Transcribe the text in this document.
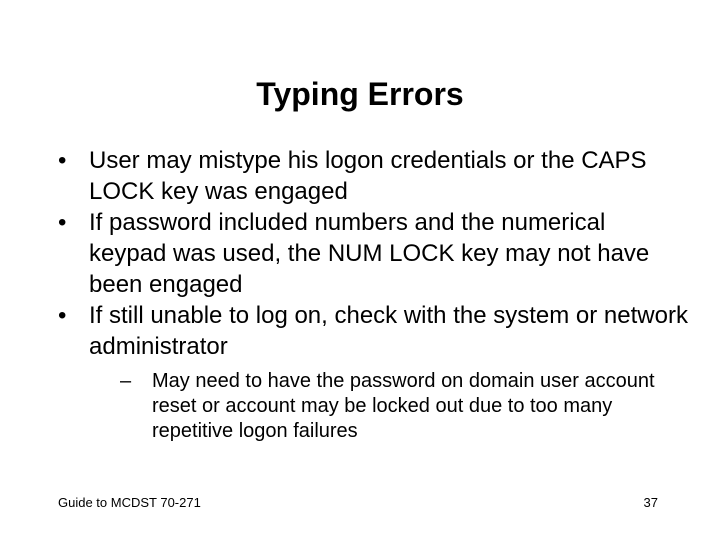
Typing Errors
• User may mistype his logon credentials or the CAPS LOCK key was engaged
• If password included numbers and the numerical keypad was used, the NUM LOCK key may not have been engaged
• If still unable to log on, check with the system or network administrator
–	May need to have the password on domain user account reset or account may be locked out due to too many repetitive logon failures
Guide to MCDST 70-271	37
